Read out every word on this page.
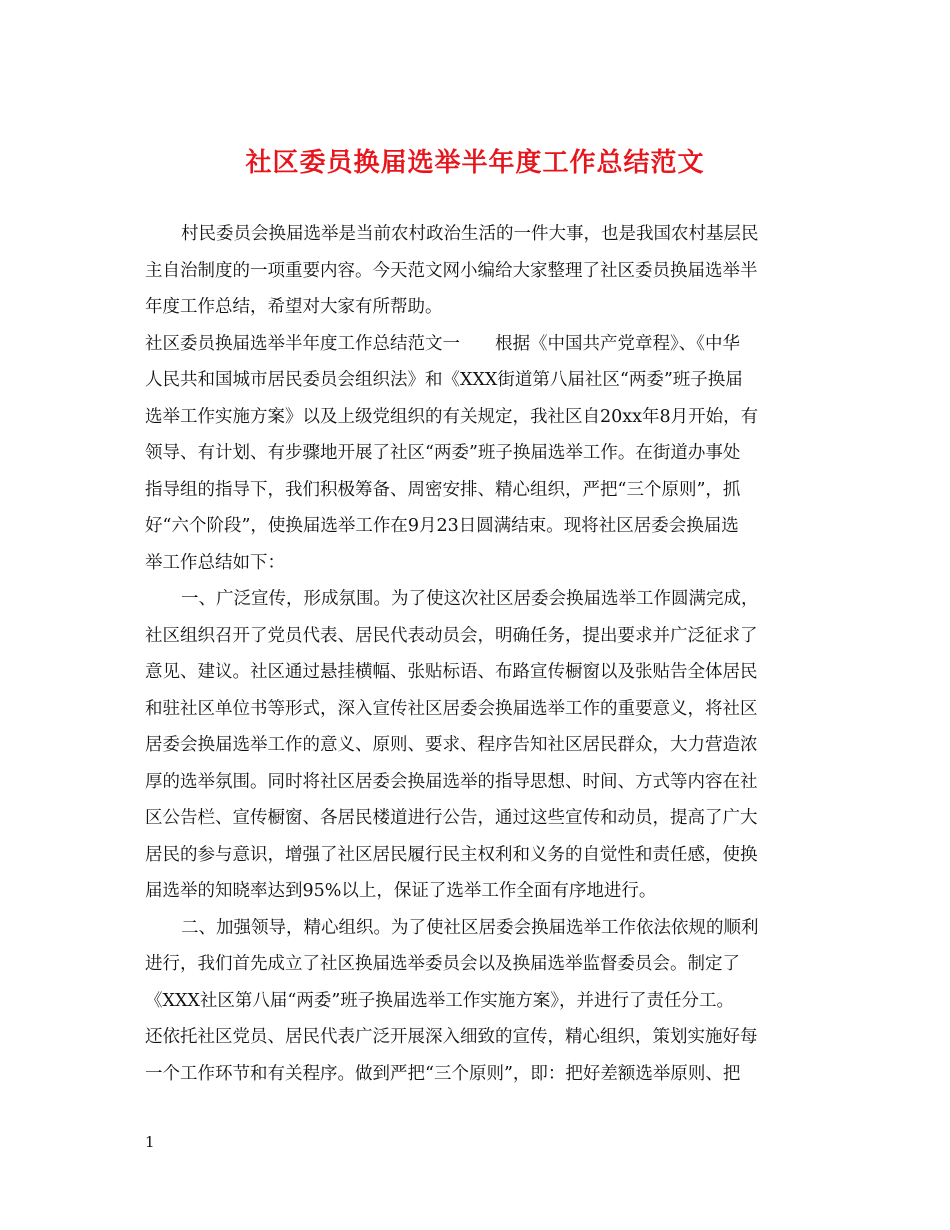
社区委员换届选举半年度工作总结范文
村民委员会换届选举是当前农村政治生活的一件大事，也是我国农村基层民
主自治制度的一项重要内容。今天范文网小编给大家整理了社区委员换届选举半
年度工作总结，希望对大家有所帮助。
社区委员换届选举半年度工作总结范文一　　根据《中国共产党章程》、《中华
人民共和国城市居民委员会组织法》和《XXX街道第八届社区“两委”班子换届
选举工作实施方案》以及上级党组织的有关规定，我社区自20xx年8月开始，有
领导、有计划、有步骤地开展了社区“两委”班子换届选举工作。在街道办事处
指导组的指导下，我们积极筹备、周密安排、精心组织，严把“三个原则”，抓
好“六个阶段”，使换届选举工作在9月23日圆满结束。现将社区居委会换届选
举工作总结如下：
一、广泛宣传，形成氛围。为了使这次社区居委会换届选举工作圆满完成，
社区组织召开了党员代表、居民代表动员会，明确任务，提出要求并广泛征求了
意见、建议。社区通过悬挂横幅、张贴标语、布路宣传橱窗以及张贴告全体居民
和驻社区单位书等形式，深入宣传社区居委会换届选举工作的重要意义，将社区
居委会换届选举工作的意义、原则、要求、程序告知社区居民群众，大力营造浓
厚的选举氛围。同时将社区居委会换届选举的指导思想、时间、方式等内容在社
区公告栏、宣传橱窗、各居民楼道进行公告，通过这些宣传和动员，提高了广大
居民的参与意识，增强了社区居民履行民主权利和义务的自觉性和责任感，使换
届选举的知晓率达到95%以上，保证了选举工作全面有序地进行。
二、加强领导，精心组织。为了使社区居委会换届选举工作依法依规的顺利
进行，我们首先成立了社区换届选举委员会以及换届选举监督委员会。制定了
《XXX社区第八届“两委”班子换届选举工作实施方案》，并进行了责任分工。
还依托社区党员、居民代表广泛开展深入细致的宣传，精心组织，策划实施好每
一个工作环节和有关程序。做到严把“三个原则”，即：把好差额选举原则、把
1
